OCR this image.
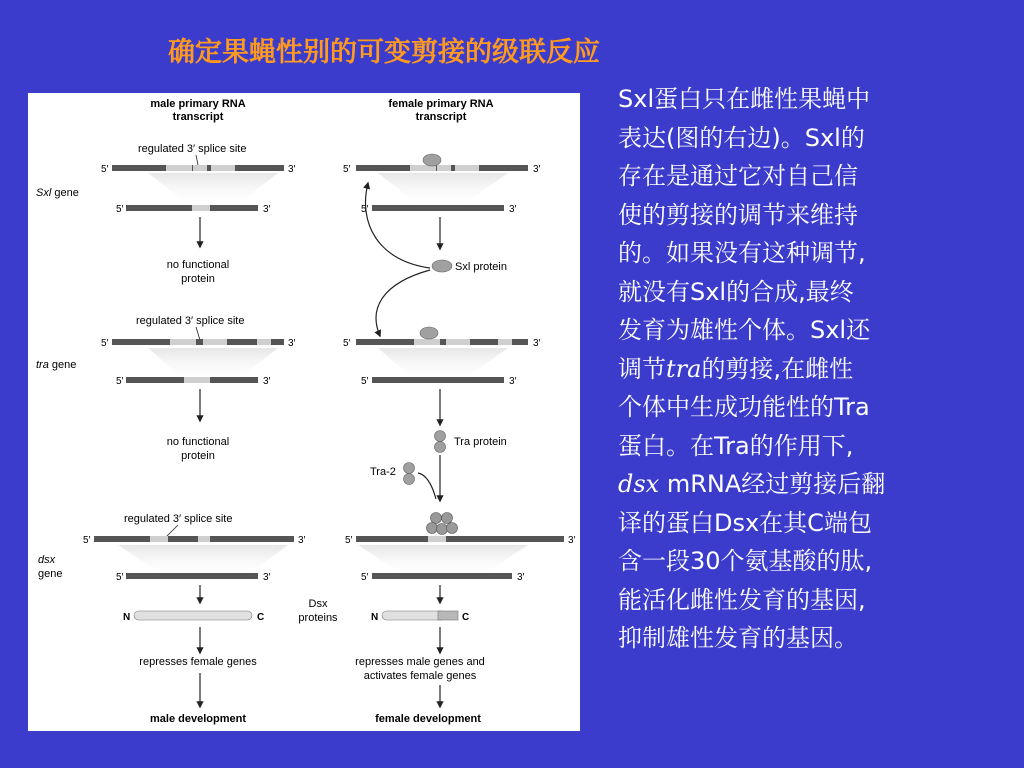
确定果蝇性别的可变剪接的级联反应
male primary RNA
transcript
female primary RNA
transcript
regulated 3′ splice site
5′	3′
Sxl gene
5′	3′
no functional
protein
5′	3′
5′	3′
Sxl protein
regulated 3′ splice site
5′	3′
tra gene
5′	3′
no functional
protein
5′	3′
5′	3′
Tra protein
Tra-2
regulated 3′ splice site
5′	3′
dsx
gene	5′	3′
N	C
represses female genes
male development
Dsx
proteins
5′	3′
5′	3′
N	C
represses male genes and
activates female genes
female development

Sxl蛋白只在雌性果蝇中

表达(图的右边)。Sxl的

存在是通过它对自己信

使的剪接的调节来维持

的。如果没有这种调节,

就没有Sxl的合成,最终

发育为雄性个体。Sxl还

调节tra的剪接,在雌性

个体中生成功能性的Tra

蛋白。在Tra的作用下,

dsx mRNA经过剪接后翻

译的蛋白Dsx在其C端包

含一段30个氨基酸的肽,

能活化雌性发育的基因,

抑制雄性发育的基因。
